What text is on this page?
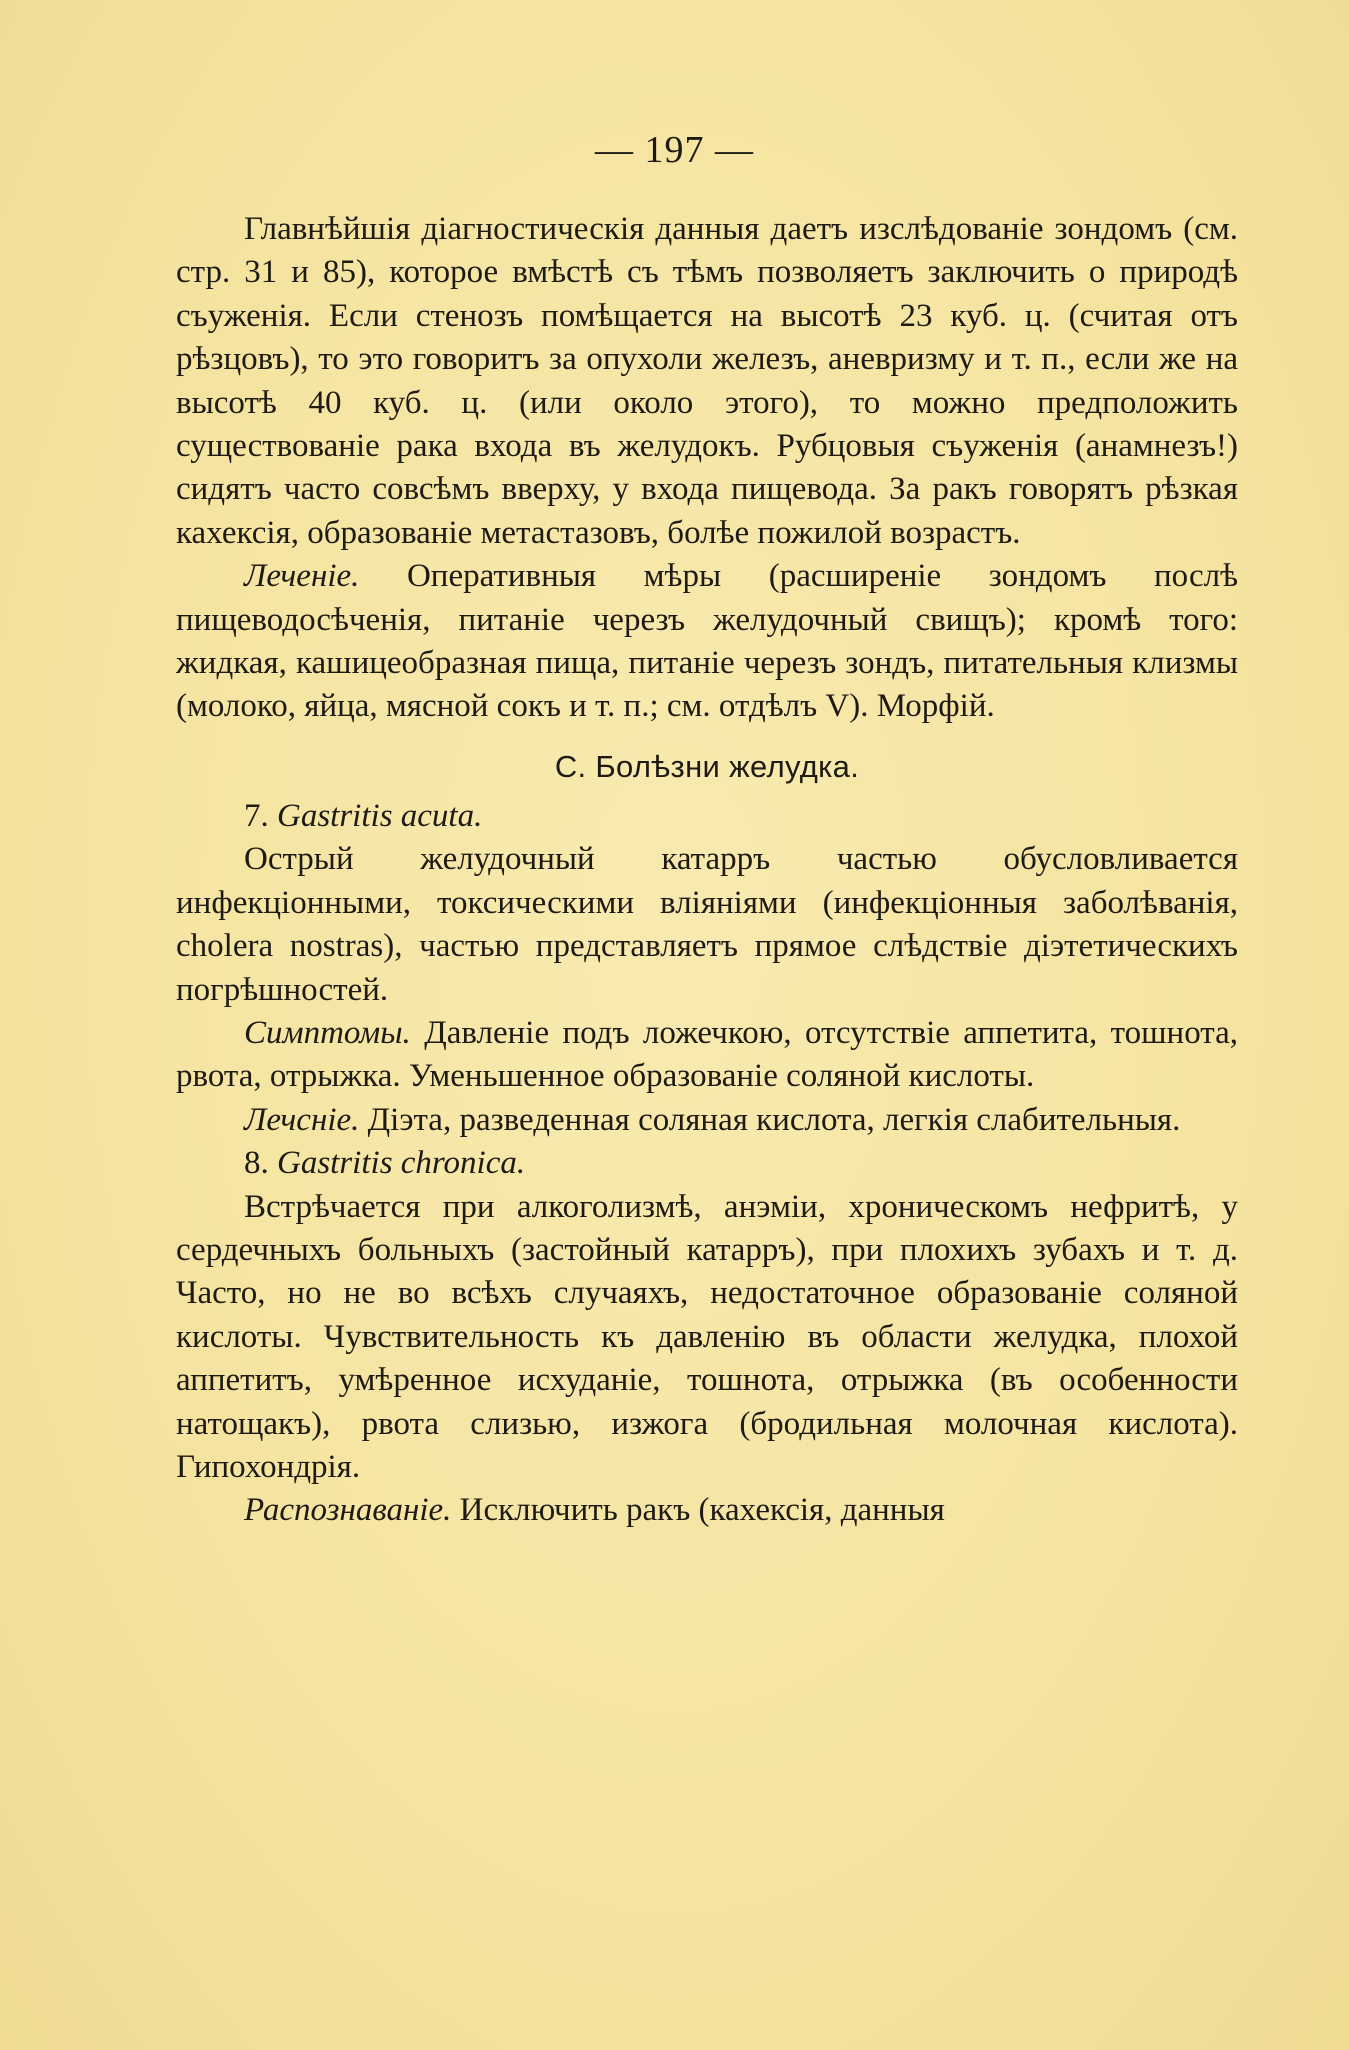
— 197 —

Главнѣйшія діагностическія данныя даетъ изслѣдованіе зондомъ (см. стр. 31 и 85), которое вмѣстѣ съ тѣмъ позволяетъ заключить о природѣ съуженія. Если стенозъ помѣщается на высотѣ 23 куб. ц. (считая отъ рѣзцовъ), то это говоритъ за опухоли железъ, аневризму и т. п., если же на высотѣ 40 куб. ц. (или около этого), то можно предположить существованіе рака входа въ желудокъ. Рубцовыя съуженія (анамнезъ!) сидятъ часто совсѣмъ вверху, у входа пищевода. За ракъ говорятъ рѣзкая кахексія, образованіе метастазовъ, болѣе пожилой возрастъ.

Леченіе. Оперативныя мѣры (расширеніе зондомъ послѣ пищеводосѣченія, питаніе черезъ желудочный свищъ); кромѣ того: жидкая, кашицеобразная пища, питаніе черезъ зондъ, питательныя клизмы (молоко, яйца, мясной сокъ и т. п.; см. отдѣлъ V). Морфій.

С. Болѣзни желудка.

7. Gastritis acuta.

Острый желудочный катарръ частью обусловливается инфекціонными, токсическими вліяніями (инфекціонныя заболѣванія, cholera nostras), частью представляетъ прямое слѣдствіе діэтетическихъ погрѣшностей.

Симптомы. Давленіе подъ ложечкою, отсутствіе аппетита, тошнота, рвота, отрыжка. Уменьшенное образованіе соляной кислоты.

Лечсніе. Діэта, разведенная соляная кислота, легкія слабительныя.

8. Gastritis chronica.

Встрѣчается при алкоголизмѣ, анэміи, хроническомъ нефритѣ, у сердечныхъ больныхъ (застойный катарръ), при плохихъ зубахъ и т. д. Часто, но не во всѣхъ случаяхъ, недостаточное образованіе соляной кислоты. Чувствительность къ давленію въ области желудка, плохой аппетитъ, умѣренное исхуданіе, тошнота, отрыжка (въ особенности натощакъ), рвота слизью, изжога (бродильная молочная кислота). Гипохондрія.

Распознаваніе. Исключить ракъ (кахексія, данныя
